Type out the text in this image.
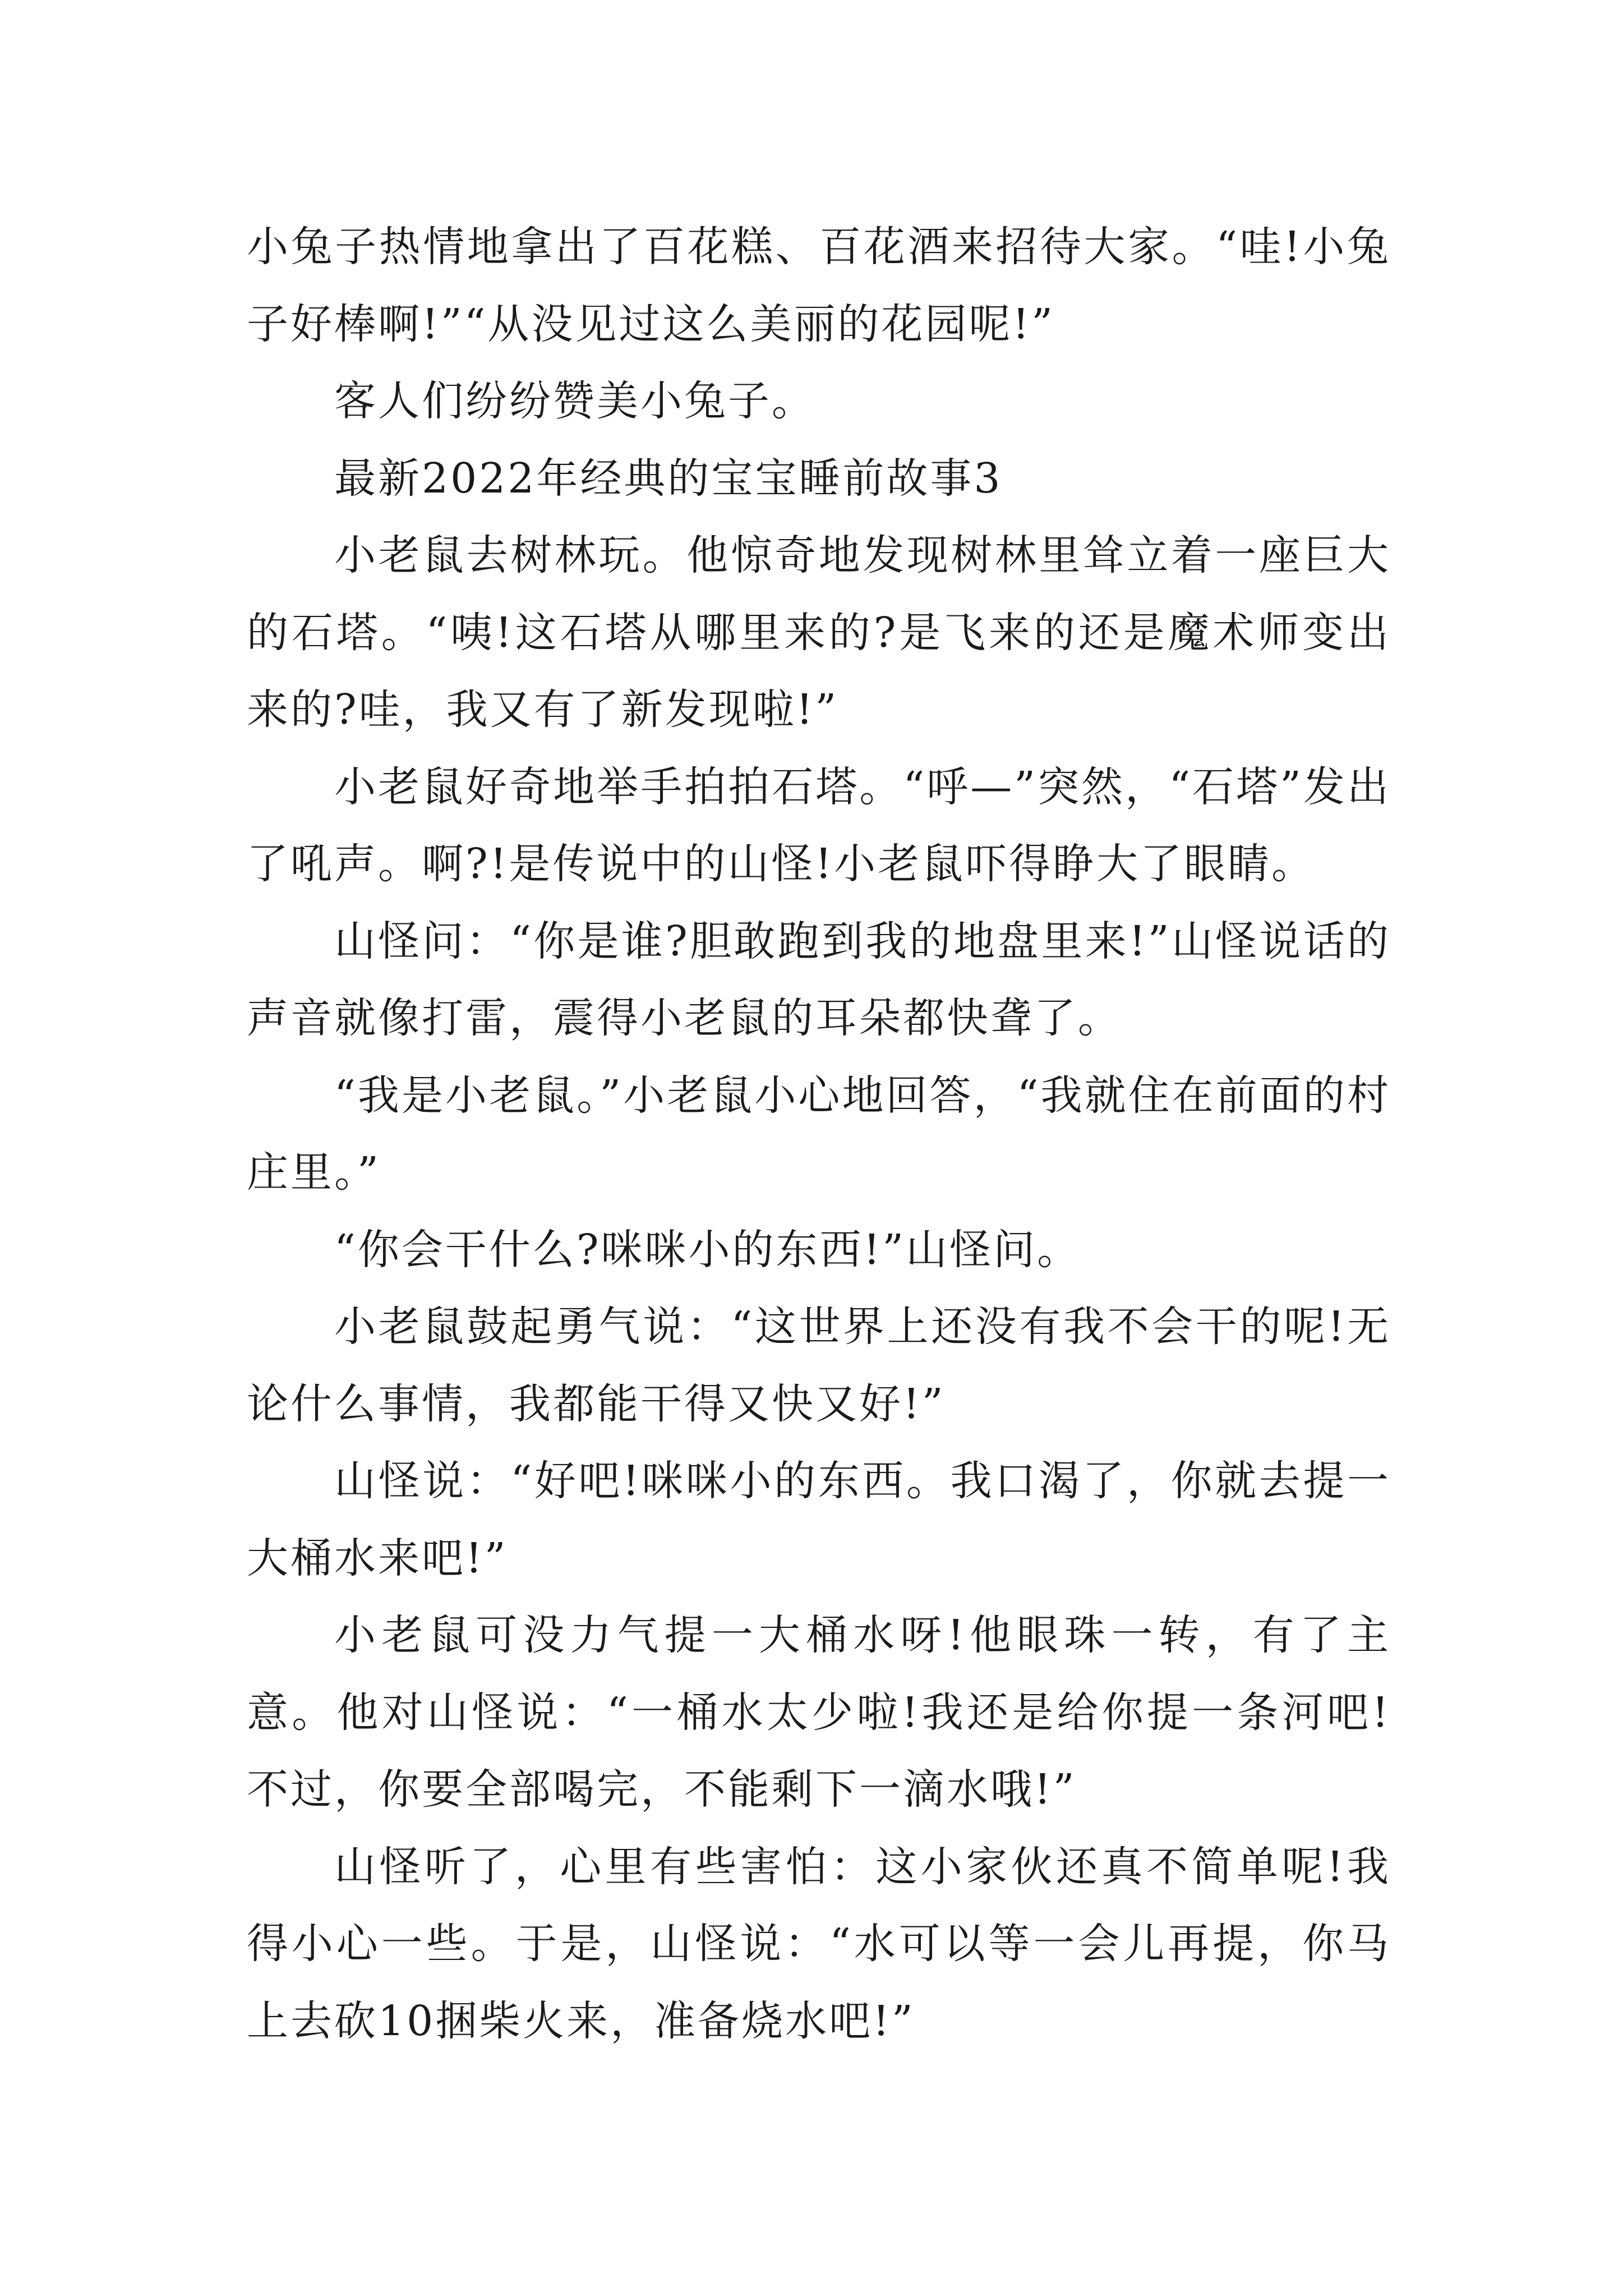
小兔子热情地拿出了百花糕、百花酒来招待大家。“哇!小兔子好棒啊!”“从没见过这么美丽的花园呢!”

客人们纷纷赞美小兔子。

最新2022年经典的宝宝睡前故事3

小老鼠去树林玩。他惊奇地发现树林里耸立着一座巨大的石塔。“咦!这石塔从哪里来的?是飞来的还是魔术师变出来的?哇，我又有了新发现啦!”

小老鼠好奇地举手拍拍石塔。“呼—”突然，“石塔”发出了吼声。啊?!是传说中的山怪!小老鼠吓得睁大了眼睛。

山怪问：“你是谁?胆敢跑到我的地盘里来!”山怪说话的声音就像打雷，震得小老鼠的耳朵都快聋了。

“我是小老鼠。”小老鼠小心地回答，“我就住在前面的村庄里。”

“你会干什么?咪咪小的东西!”山怪问。

小老鼠鼓起勇气说：“这世界上还没有我不会干的呢!无论什么事情，我都能干得又快又好!”

山怪说：“好吧!咪咪小的东西。我口渴了，你就去提一大桶水来吧!”

小老鼠可没力气提一大桶水呀!他眼珠一转，有了主意。他对山怪说：“一桶水太少啦!我还是给你提一条河吧!不过，你要全部喝完，不能剩下一滴水哦!”

山怪听了，心里有些害怕：这小家伙还真不简单呢!我得小心一些。于是，山怪说：“水可以等一会儿再提，你马上去砍10捆柴火来，准备烧水吧!”
